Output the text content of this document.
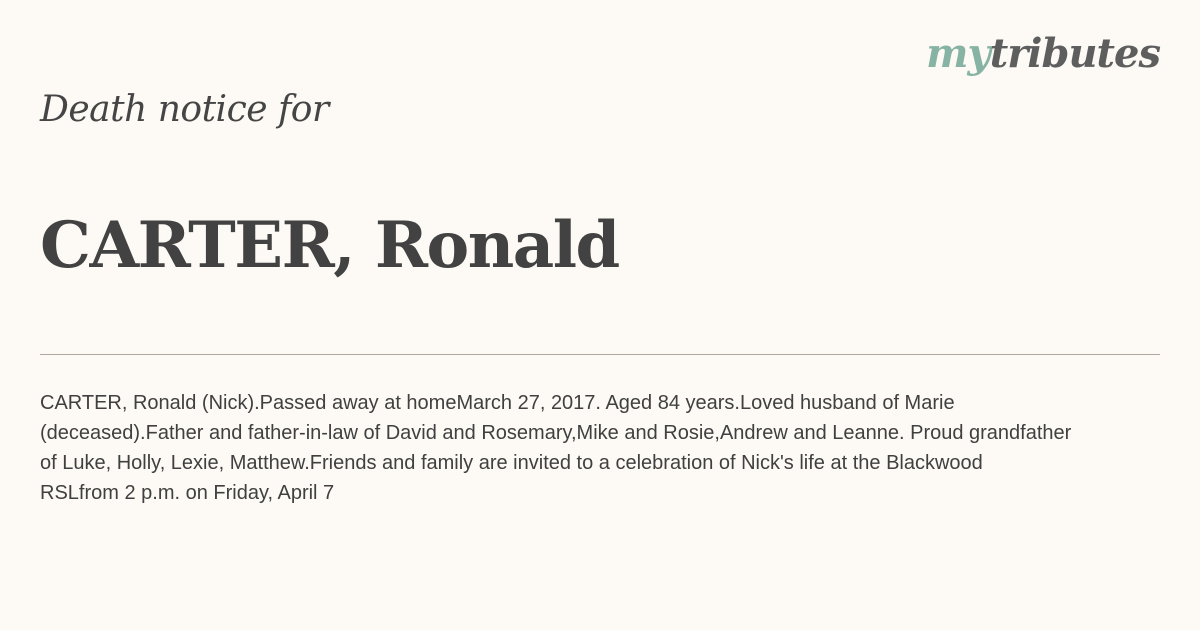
mytributes
Death notice for
CARTER, Ronald

CARTER, Ronald (Nick).Passed away at homeMarch 27, 2017. Aged 84 years.Loved husband of Marie
(deceased).Father and father-in-law of David and Rosemary,Mike and Rosie,Andrew and Leanne. Proud grandfather
of Luke, Holly, Lexie, Matthew.Friends and family are invited to a celebration of Nick's life at the Blackwood
RSLfrom 2 p.m. on Friday, April 7
